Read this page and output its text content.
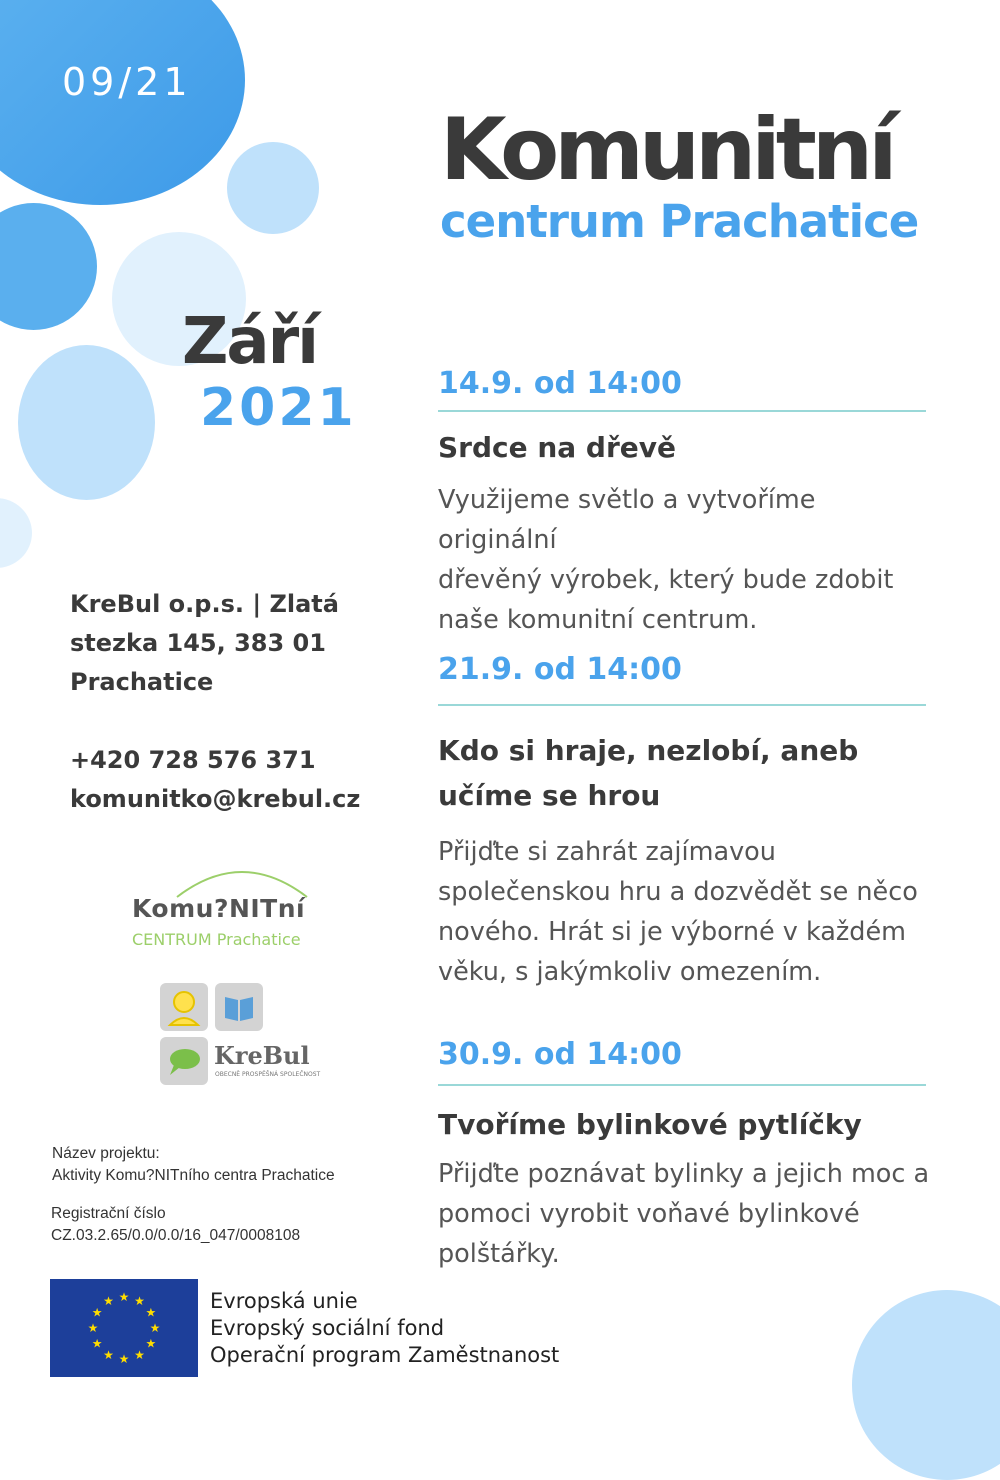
09/21
Komunitní
centrum Prachatice
Září
2021
KreBul o.p.s. | Zlatá
stezka 145, 383 01
Prachatice
+420 728 576 371
komunitko@krebul.cz
Komu?NITní
CENTRUM Prachatice
KreBul
OBECNĚ PROSPĚŠNÁ SPOLEČNOST
Název projektu:
Aktivity Komu?NITního centra Prachatice
Registrační číslo
CZ.03.2.65/0.0/0.0/16_047/0008108
★ ★
★
★
★
★
★
★
★
★
★
★	Evropská unie
Evropský sociální fond
Operační program Zaměstnanost
14.9. od 14:00
Srdce na dřevě
Využijeme světlo a vytvoříme originální
dřevěný výrobek, který bude zdobit
naše komunitní centrum.
21.9. od 14:00
Kdo si hraje, nezlobí, aneb
učíme se hrou
Přijďte si zahrát zajímavou
společenskou hru a dozvědět se něco
nového. Hrát si je výborné v každém
věku, s jakýmkoliv omezením.
30.9. od 14:00
Tvoříme bylinkové pytlíčky
Přijďte poznávat bylinky a jejich moc a
pomoci vyrobit voňavé bylinkové
polštářky.
